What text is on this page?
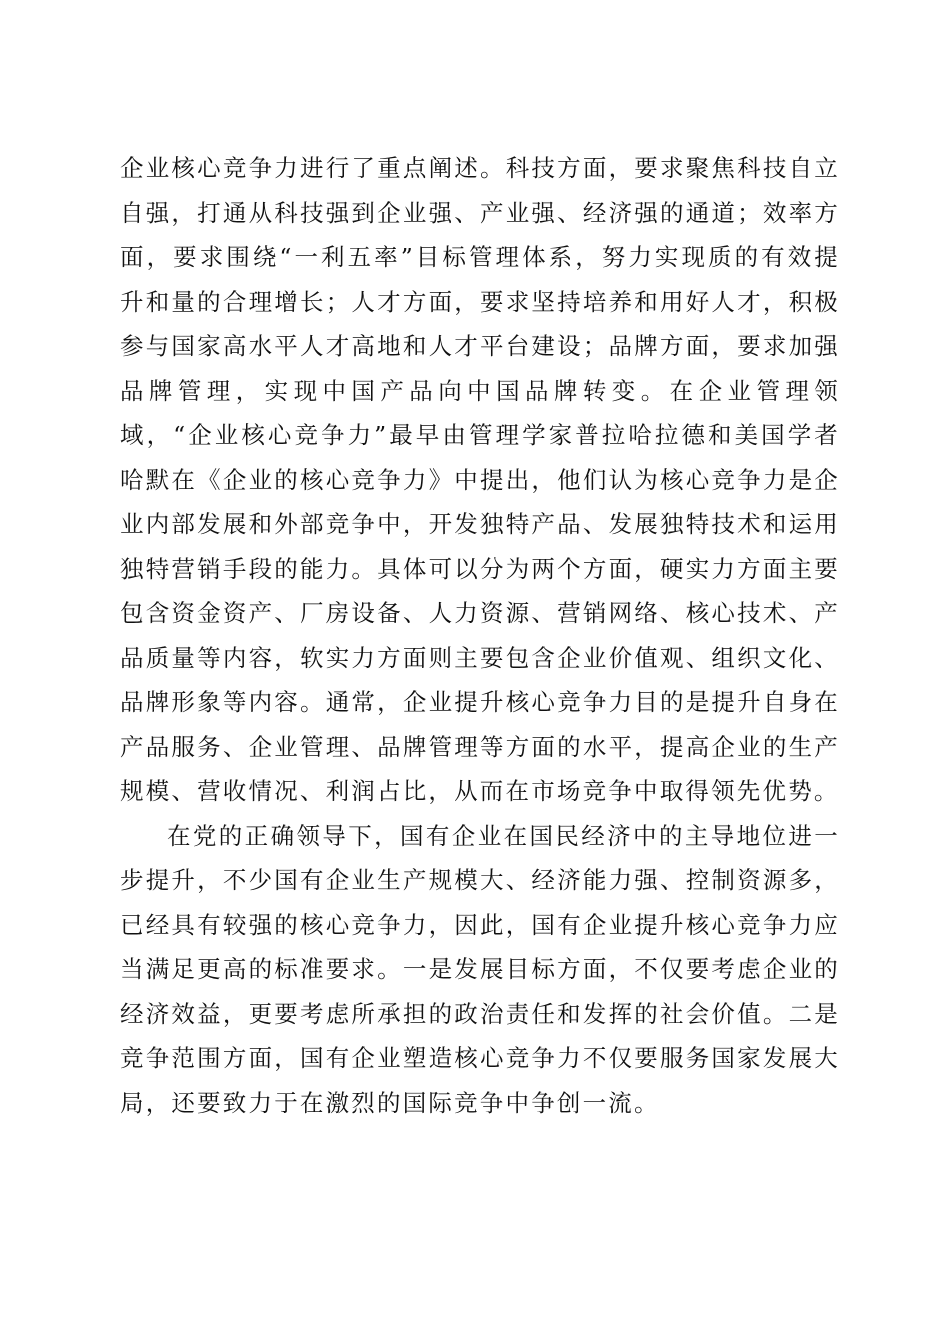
企业核心竞争力进行了重点阐述。科技方面，要求聚焦科技自立自强，打通从科技强到企业强、产业强、经济强的通道；效率方面，要求围绕“一利五率”目标管理体系，努力实现质的有效提升和量的合理增长；人才方面，要求坚持培养和用好人才，积极参与国家高水平人才高地和人才平台建设；品牌方面，要求加强品牌管理，实现中国产品向中国品牌转变。在企业管理领域，“企业核心竞争力”最早由管理学家普拉哈拉德和美国学者哈默在《企业的核心竞争力》中提出，他们认为核心竞争力是企业内部发展和外部竞争中，开发独特产品、发展独特技术和运用独特营销手段的能力。具体可以分为两个方面，硬实力方面主要包含资金资产、厂房设备、人力资源、营销网络、核心技术、产品质量等内容，软实力方面则主要包含企业价值观、组织文化、品牌形象等内容。通常，企业提升核心竞争力目的是提升自身在产品服务、企业管理、品牌管理等方面的水平，提高企业的生产规模、营收情况、利润占比，从而在市场竞争中取得领先优势。

在党的正确领导下，国有企业在国民经济中的主导地位进一步提升，不少国有企业生产规模大、经济能力强、控制资源多，已经具有较强的核心竞争力，因此，国有企业提升核心竞争力应当满足更高的标准要求。一是发展目标方面，不仅要考虑企业的经济效益，更要考虑所承担的政治责任和发挥的社会价值。二是竞争范围方面，国有企业塑造核心竞争力不仅要服务国家发展大局，还要致力于在激烈的国际竞争中争创一流。
